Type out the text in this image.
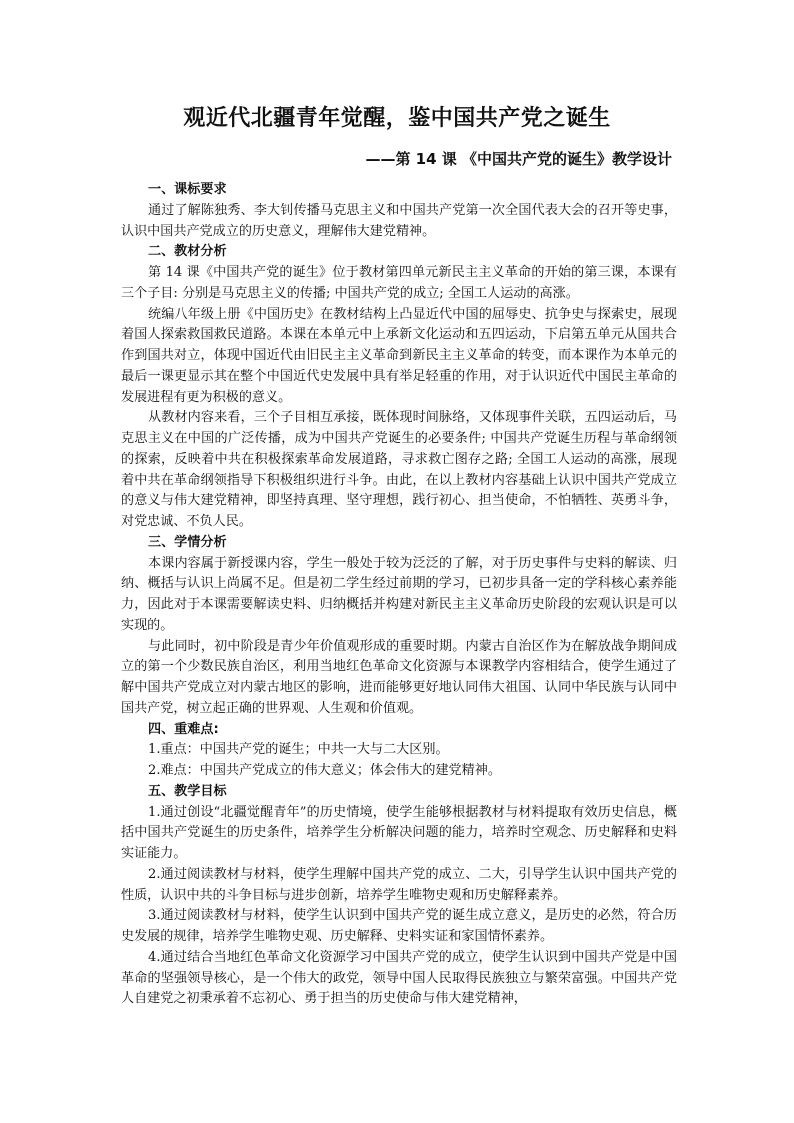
观近代北疆青年觉醒，鉴中国共产党之诞生
——第 14 课 《中国共产党的诞生》教学设计

一、课标要求

通过了解陈独秀、李大钊传播马克思主义和中国共产党第一次全国代表大会的召开等史事，认识中国共产党成立的历史意义，理解伟大建党精神。

二、教材分析

第 14 课《中国共产党的诞生》位于教材第四单元新民主主义革命的开始的第三课，本课有三个子目: 分别是马克思主义的传播; 中国共产党的成立; 全国工人运动的高涨。

统编八年级上册《中国历史》在教材结构上凸显近代中国的屈辱史、抗争史与探索史，展现着国人探索救国救民道路。本课在本单元中上承新文化运动和五四运动，下启第五单元从国共合作到国共对立，体现中国近代由旧民主主义革命到新民主主义革命的转变，而本课作为本单元的最后一课更显示其在整个中国近代史发展中具有举足轻重的作用，对于认识近代中国民主革命的发展进程有更为积极的意义。

从教材内容来看，三个子目相互承接，既体现时间脉络，又体现事件关联，五四运动后，马克思主义在中国的广泛传播，成为中国共产党诞生的必要条件; 中国共产党诞生历程与革命纲领的探索，反映着中共在积极探索革命发展道路，寻求救亡图存之路; 全国工人运动的高涨，展现着中共在革命纲领指导下积极组织进行斗争。由此，在以上教材内容基础上认识中国共产党成立的意义与伟大建党精神，即坚持真理、坚守理想，践行初心、担当使命，不怕牺牲、英勇斗争，对党忠诚、不负人民。

三、学情分析

本课内容属于新授课内容，学生一般处于较为泛泛的了解，对于历史事件与史料的解读、归纳、概括与认识上尚属不足。但是初二学生经过前期的学习，已初步具备一定的学科核心素养能力，因此对于本课需要解读史料、归纳概括并构建对新民主主义革命历史阶段的宏观认识是可以实现的。

与此同时，初中阶段是青少年价值观形成的重要时期。内蒙古自治区作为在解放战争期间成立的第一个少数民族自治区，利用当地红色革命文化资源与本课教学内容相结合，使学生通过了解中国共产党成立对内蒙古地区的影响，进而能够更好地认同伟大祖国、认同中华民族与认同中国共产党，树立起正确的世界观、人生观和价值观。

四、重难点:

1.重点：中国共产党的诞生；中共一大与二大区别。

2.难点：中国共产党成立的伟大意义；体会伟大的建党精神。

五、教学目标

1.通过创设“北疆觉醒青年”的历史情境，使学生能够根据教材与材料提取有效历史信息，概括中国共产党诞生的历史条件，培养学生分析解决问题的能力，培养时空观念、历史解释和史料实证能力。

2.通过阅读教材与材料，使学生理解中国共产党的成立、二大，引导学生认识中国共产党的性质，认识中共的斗争目标与进步创新，培养学生唯物史观和历史解释素养。

3.通过阅读教材与材料，使学生认识到中国共产党的诞生成立意义，是历史的必然，符合历史发展的规律，培养学生唯物史观、历史解释、史料实证和家国情怀素养。

4.通过结合当地红色革命文化资源学习中国共产党的成立，使学生认识到中国共产党是中国革命的坚强领导核心，是一个伟大的政党，领导中国人民取得民族独立与繁荣富强。中国共产党人自建党之初秉承着不忘初心、勇于担当的历史使命与伟大建党精神，
